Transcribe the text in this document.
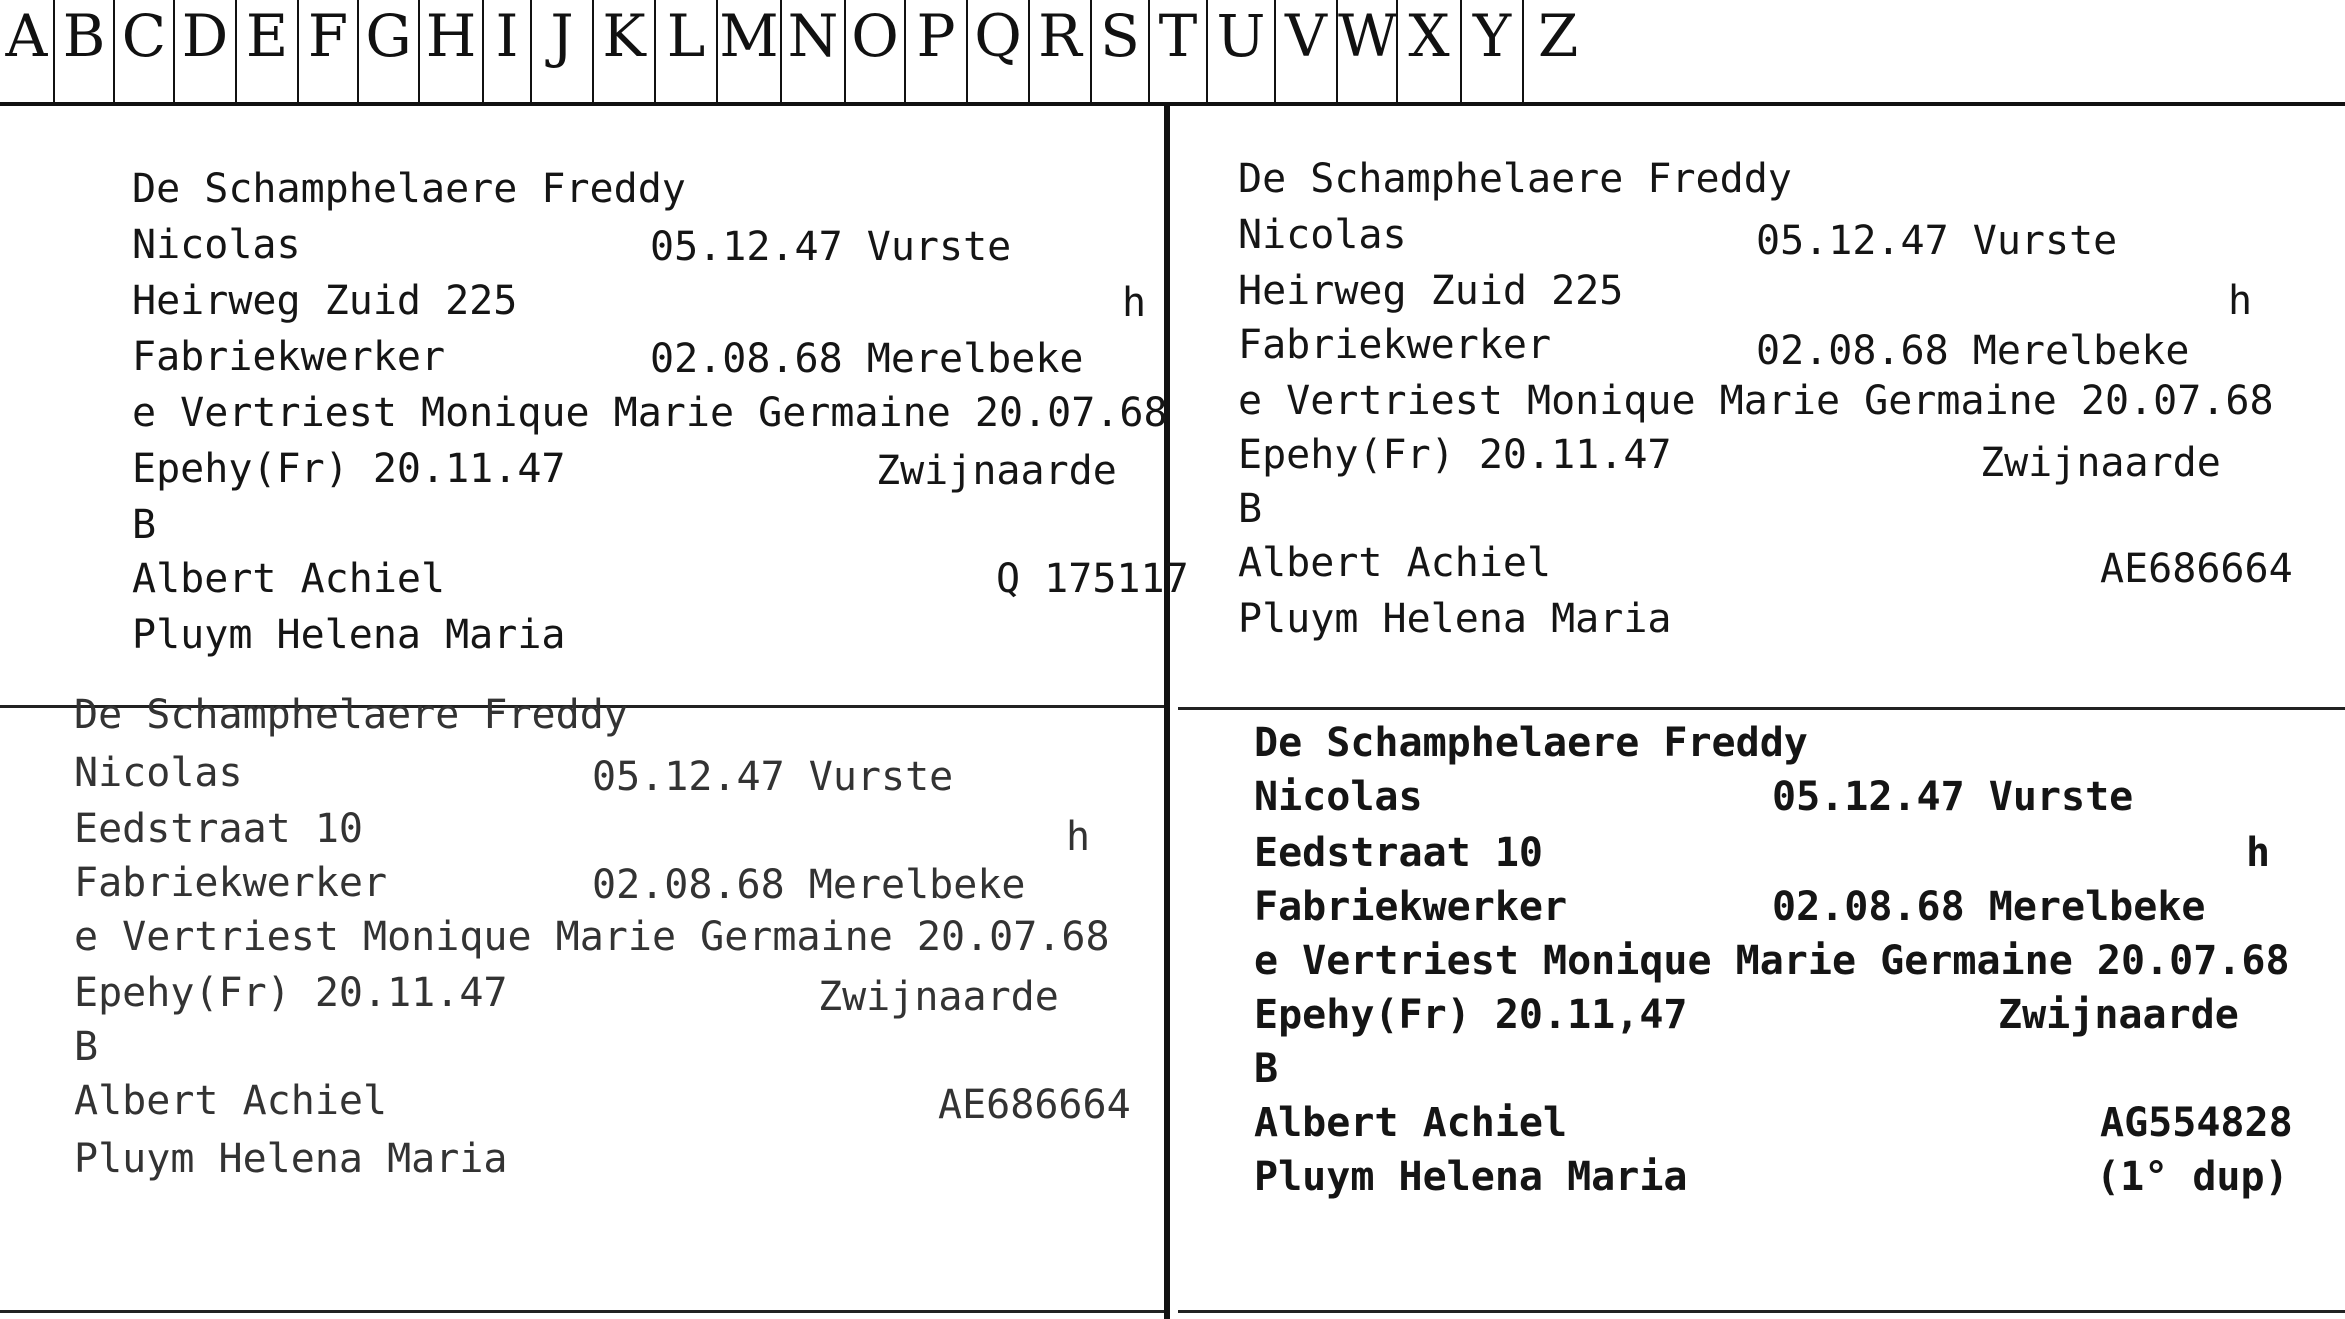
A B C D E F G H I J K L M N O P Q R S T U V W X Y Z
De Schamphelaere Freddy
Nicolas	05.12.47 Vurste
Heirweg Zuid 225	h
Fabriekwerker	02.08.68 Merelbeke
e Vertriest Monique Marie Germaine 20.07.68
Epehy(Fr) 20.11.47	Zwijnaarde
B
Albert Achiel	Q 175117
Pluym Helena Maria
De Schamphelaere Freddy
Nicolas	05.12.47 Vurste
Heirweg Zuid 225	h
Fabriekwerker	02.08.68 Merelbeke
e Vertriest Monique Marie Germaine 20.07.68
Epehy(Fr) 20.11.47	Zwijnaarde
B
Albert Achiel	AE686664
Pluym Helena Maria
De Schamphelaere Freddy
Nicolas	05.12.47 Vurste
Eedstraat 10	h
Fabriekwerker	02.08.68 Merelbeke
e Vertriest Monique Marie Germaine 20.07.68
Epehy(Fr) 20.11.47	Zwijnaarde
B
Albert Achiel	AE686664
Pluym Helena Maria
De Schamphelaere Freddy
Nicolas	05.12.47 Vurste
Eedstraat 10	h
Fabriekwerker	02.08.68 Merelbeke
e Vertriest Monique Marie Germaine 20.07.68
Epehy(Fr) 20.11,47	Zwijnaarde
B
Albert Achiel	AG554828
Pluym Helena Maria	(1° dup)
